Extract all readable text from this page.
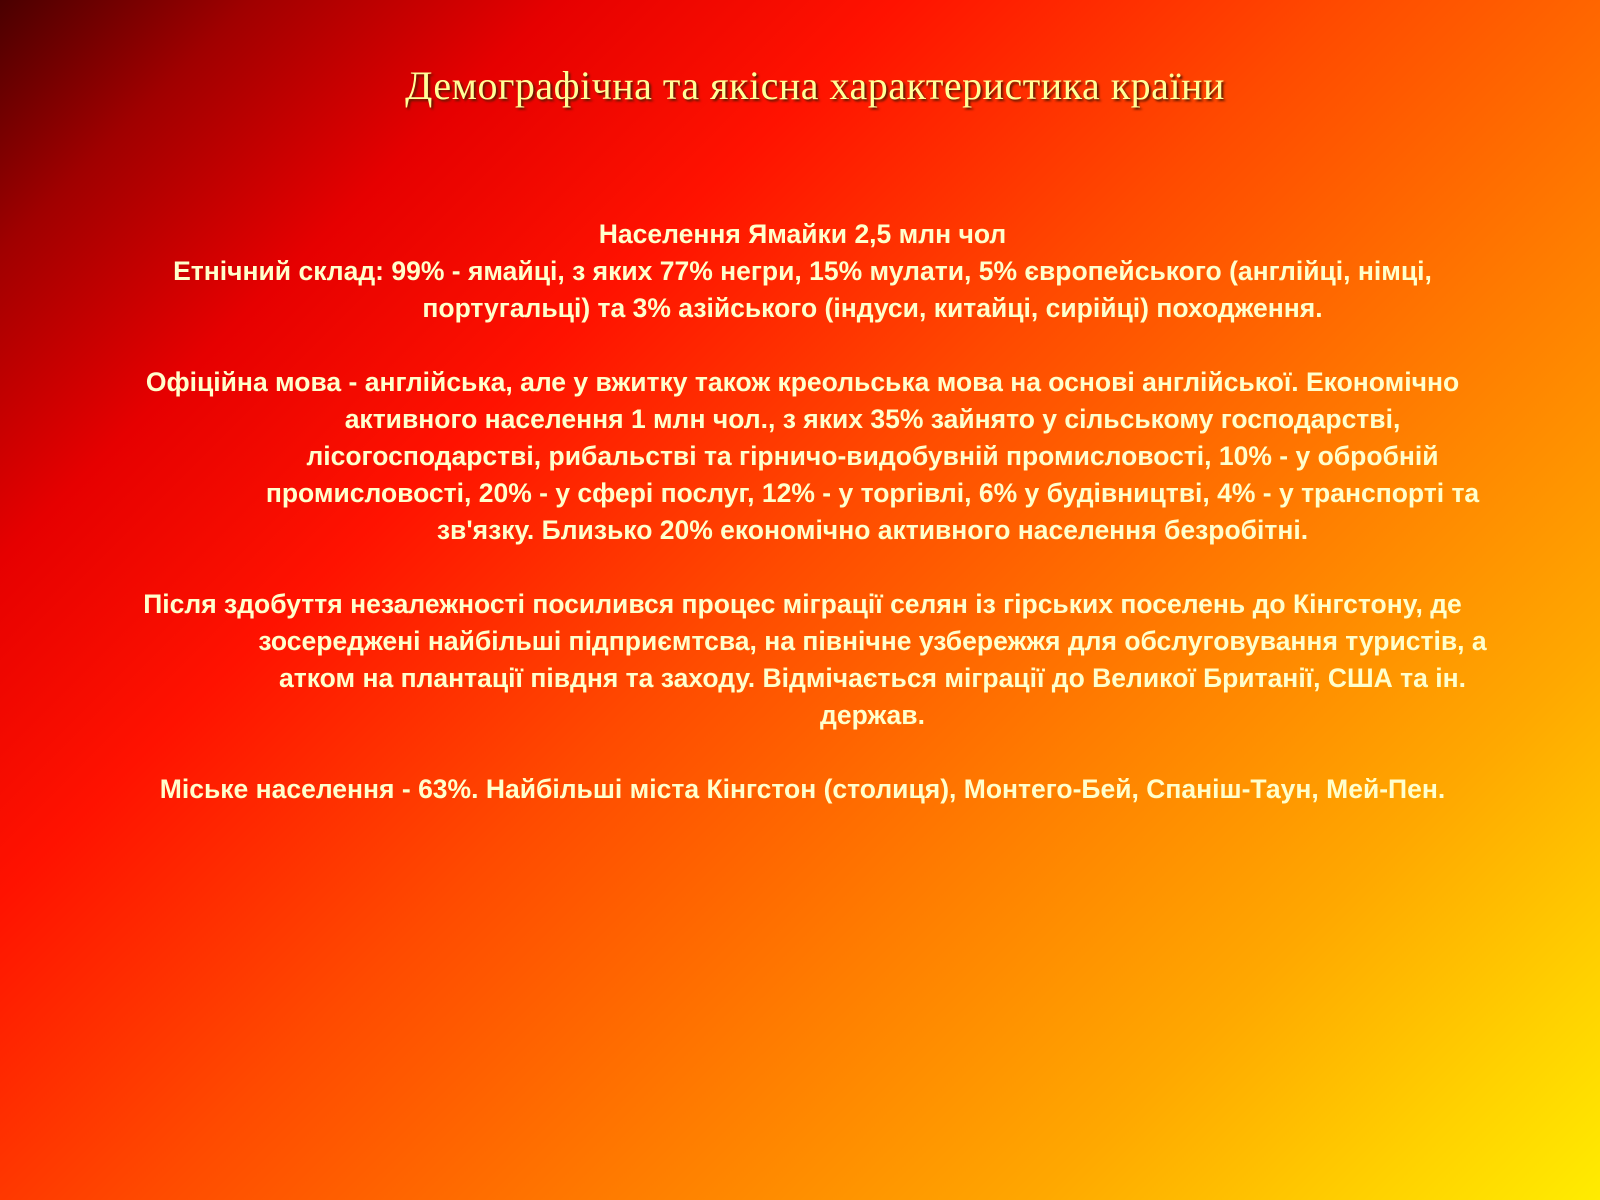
Демографічна та якісна характеристика країни

Населення Ямайки 2,5 млн чол

Етнічний склад: 99% - ямайці, з яких 77% негри, 15% мулати, 5% європейського (англійці, німці, португальці) та 3% азійського (індуси, китайці, сирійці) походження.

Офіційна мова - англійська, але у вжитку також креольська мова на основі англійської. Економічно активного населення 1 млн чол., з яких 35% зайнято у сільському господарстві, лісогосподарстві, рибальстві та гірничо-видобувній промисловості, 10% - у обробній промисловості, 20% - у сфері послуг, 12% - у торгівлі, 6% у будівництві, 4% - у транспорті та зв'язку. Близько 20% економічно активного населення безробітні.

Після здобуття незалежності посилився процес міграції селян із гірських поселень до Кінгстону, де зосереджені найбільші підприємтсва, на північне узбережжя для обслуговування туристів, а атком на плантації півдня та заходу. Відмічається міграції до Великої Британії, США та ін. держав.

Міське населення - 63%. Найбільші міста Кінгстон (столиця), Монтего-Бей, Спаніш-Таун, Мей-Пен.
